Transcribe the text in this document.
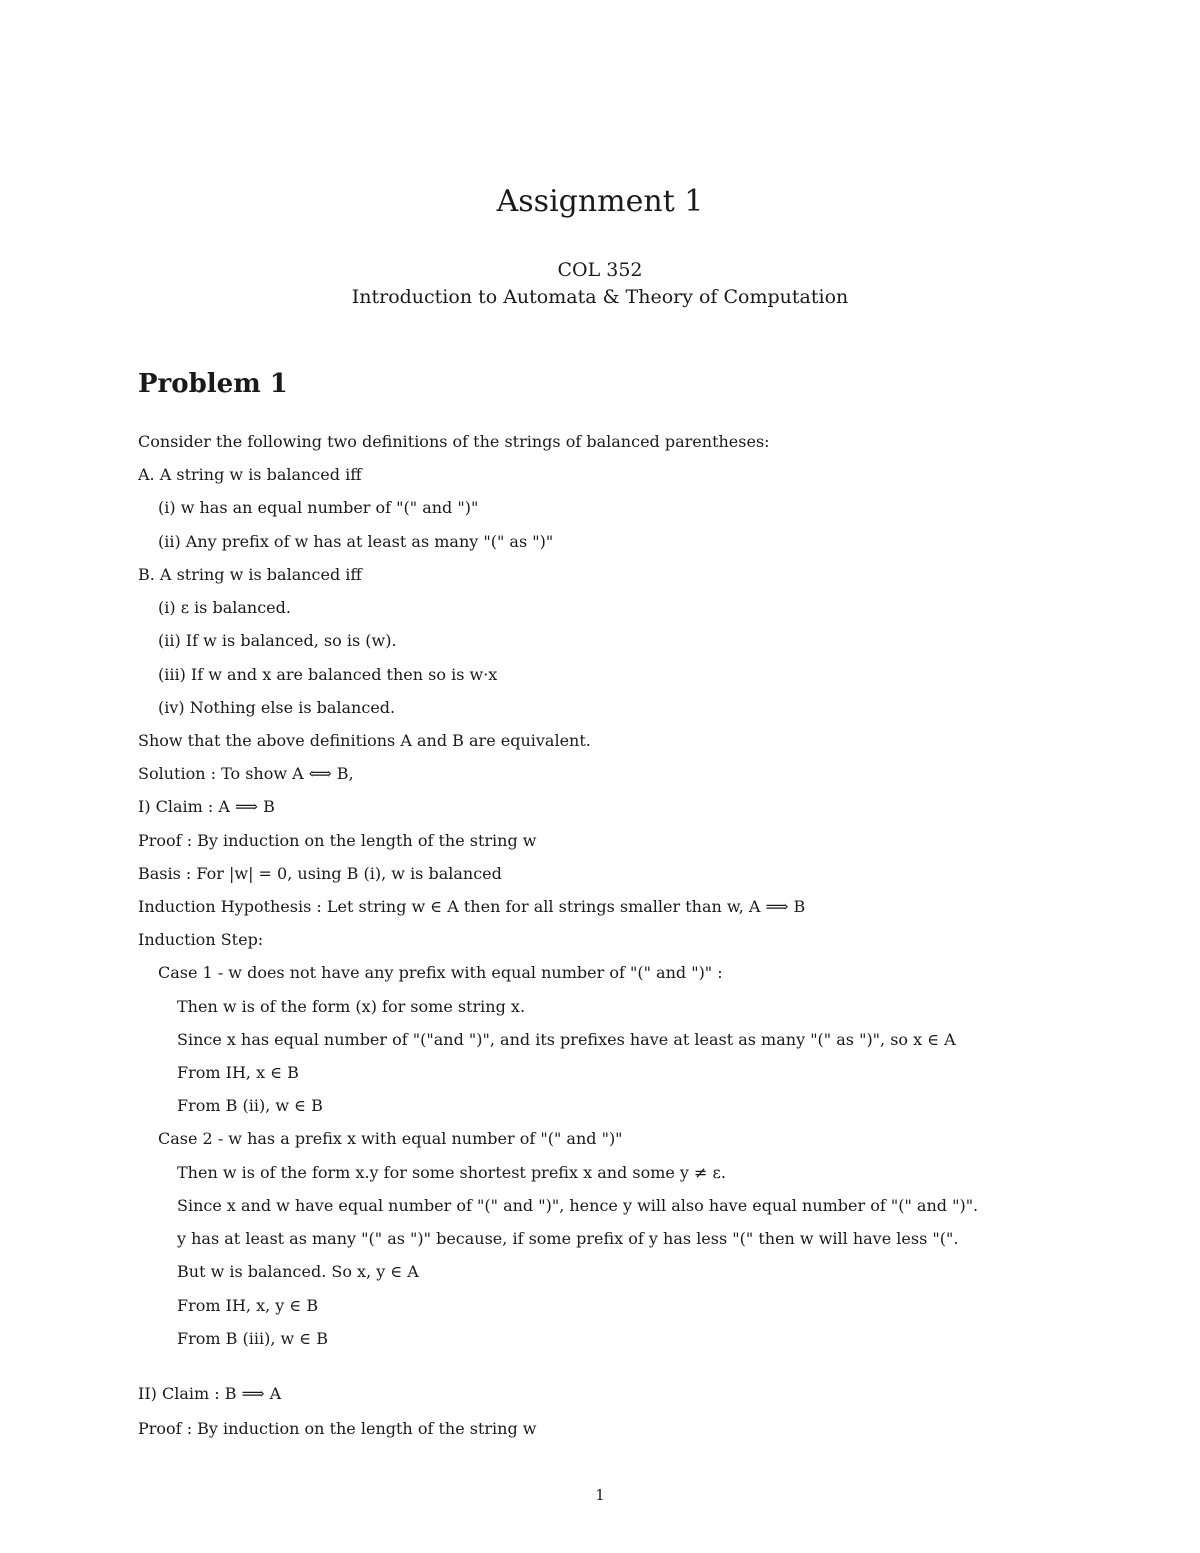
Assignment 1
COL 352
Introduction to Automata & Theory of Computation
Problem 1
Consider the following two definitions of the strings of balanced parentheses:
A. A string w is balanced iff
(i) w has an equal number of "(" and ")"
(ii) Any prefix of w has at least as many "(" as ")"
B. A string w is balanced iff
(i) ε is balanced.
(ii) If w is balanced, so is (w).
(iii) If w and x are balanced then so is w·x
(iv) Nothing else is balanced.
Show that the above definitions A and B are equivalent.
Solution : To show A ⟺ B,
I) Claim : A ⟹ B
Proof : By induction on the length of the string w
Basis : For |w| = 0, using B (i), w is balanced
Induction Hypothesis : Let string w ∈ A then for all strings smaller than w, A ⟹ B
Induction Step:
Case 1 - w does not have any prefix with equal number of "(" and ")" :
Then w is of the form (x) for some string x.
Since x has equal number of "("and ")", and its prefixes have at least as many "(" as ")", so x ∈ A
From IH, x ∈ B
From B (ii), w ∈ B
Case 2 - w has a prefix x with equal number of "(" and ")"
Then w is of the form x.y for some shortest prefix x and some y ≠ ε.
Since x and w have equal number of "(" and ")", hence y will also have equal number of "(" and ")".
y has at least as many "(" as ")" because, if some prefix of y has less "(" then w will have less "(".
But w is balanced. So x, y ∈ A
From IH, x, y ∈ B
From B (iii), w ∈ B
II) Claim : B ⟹ A
Proof : By induction on the length of the string w
1
